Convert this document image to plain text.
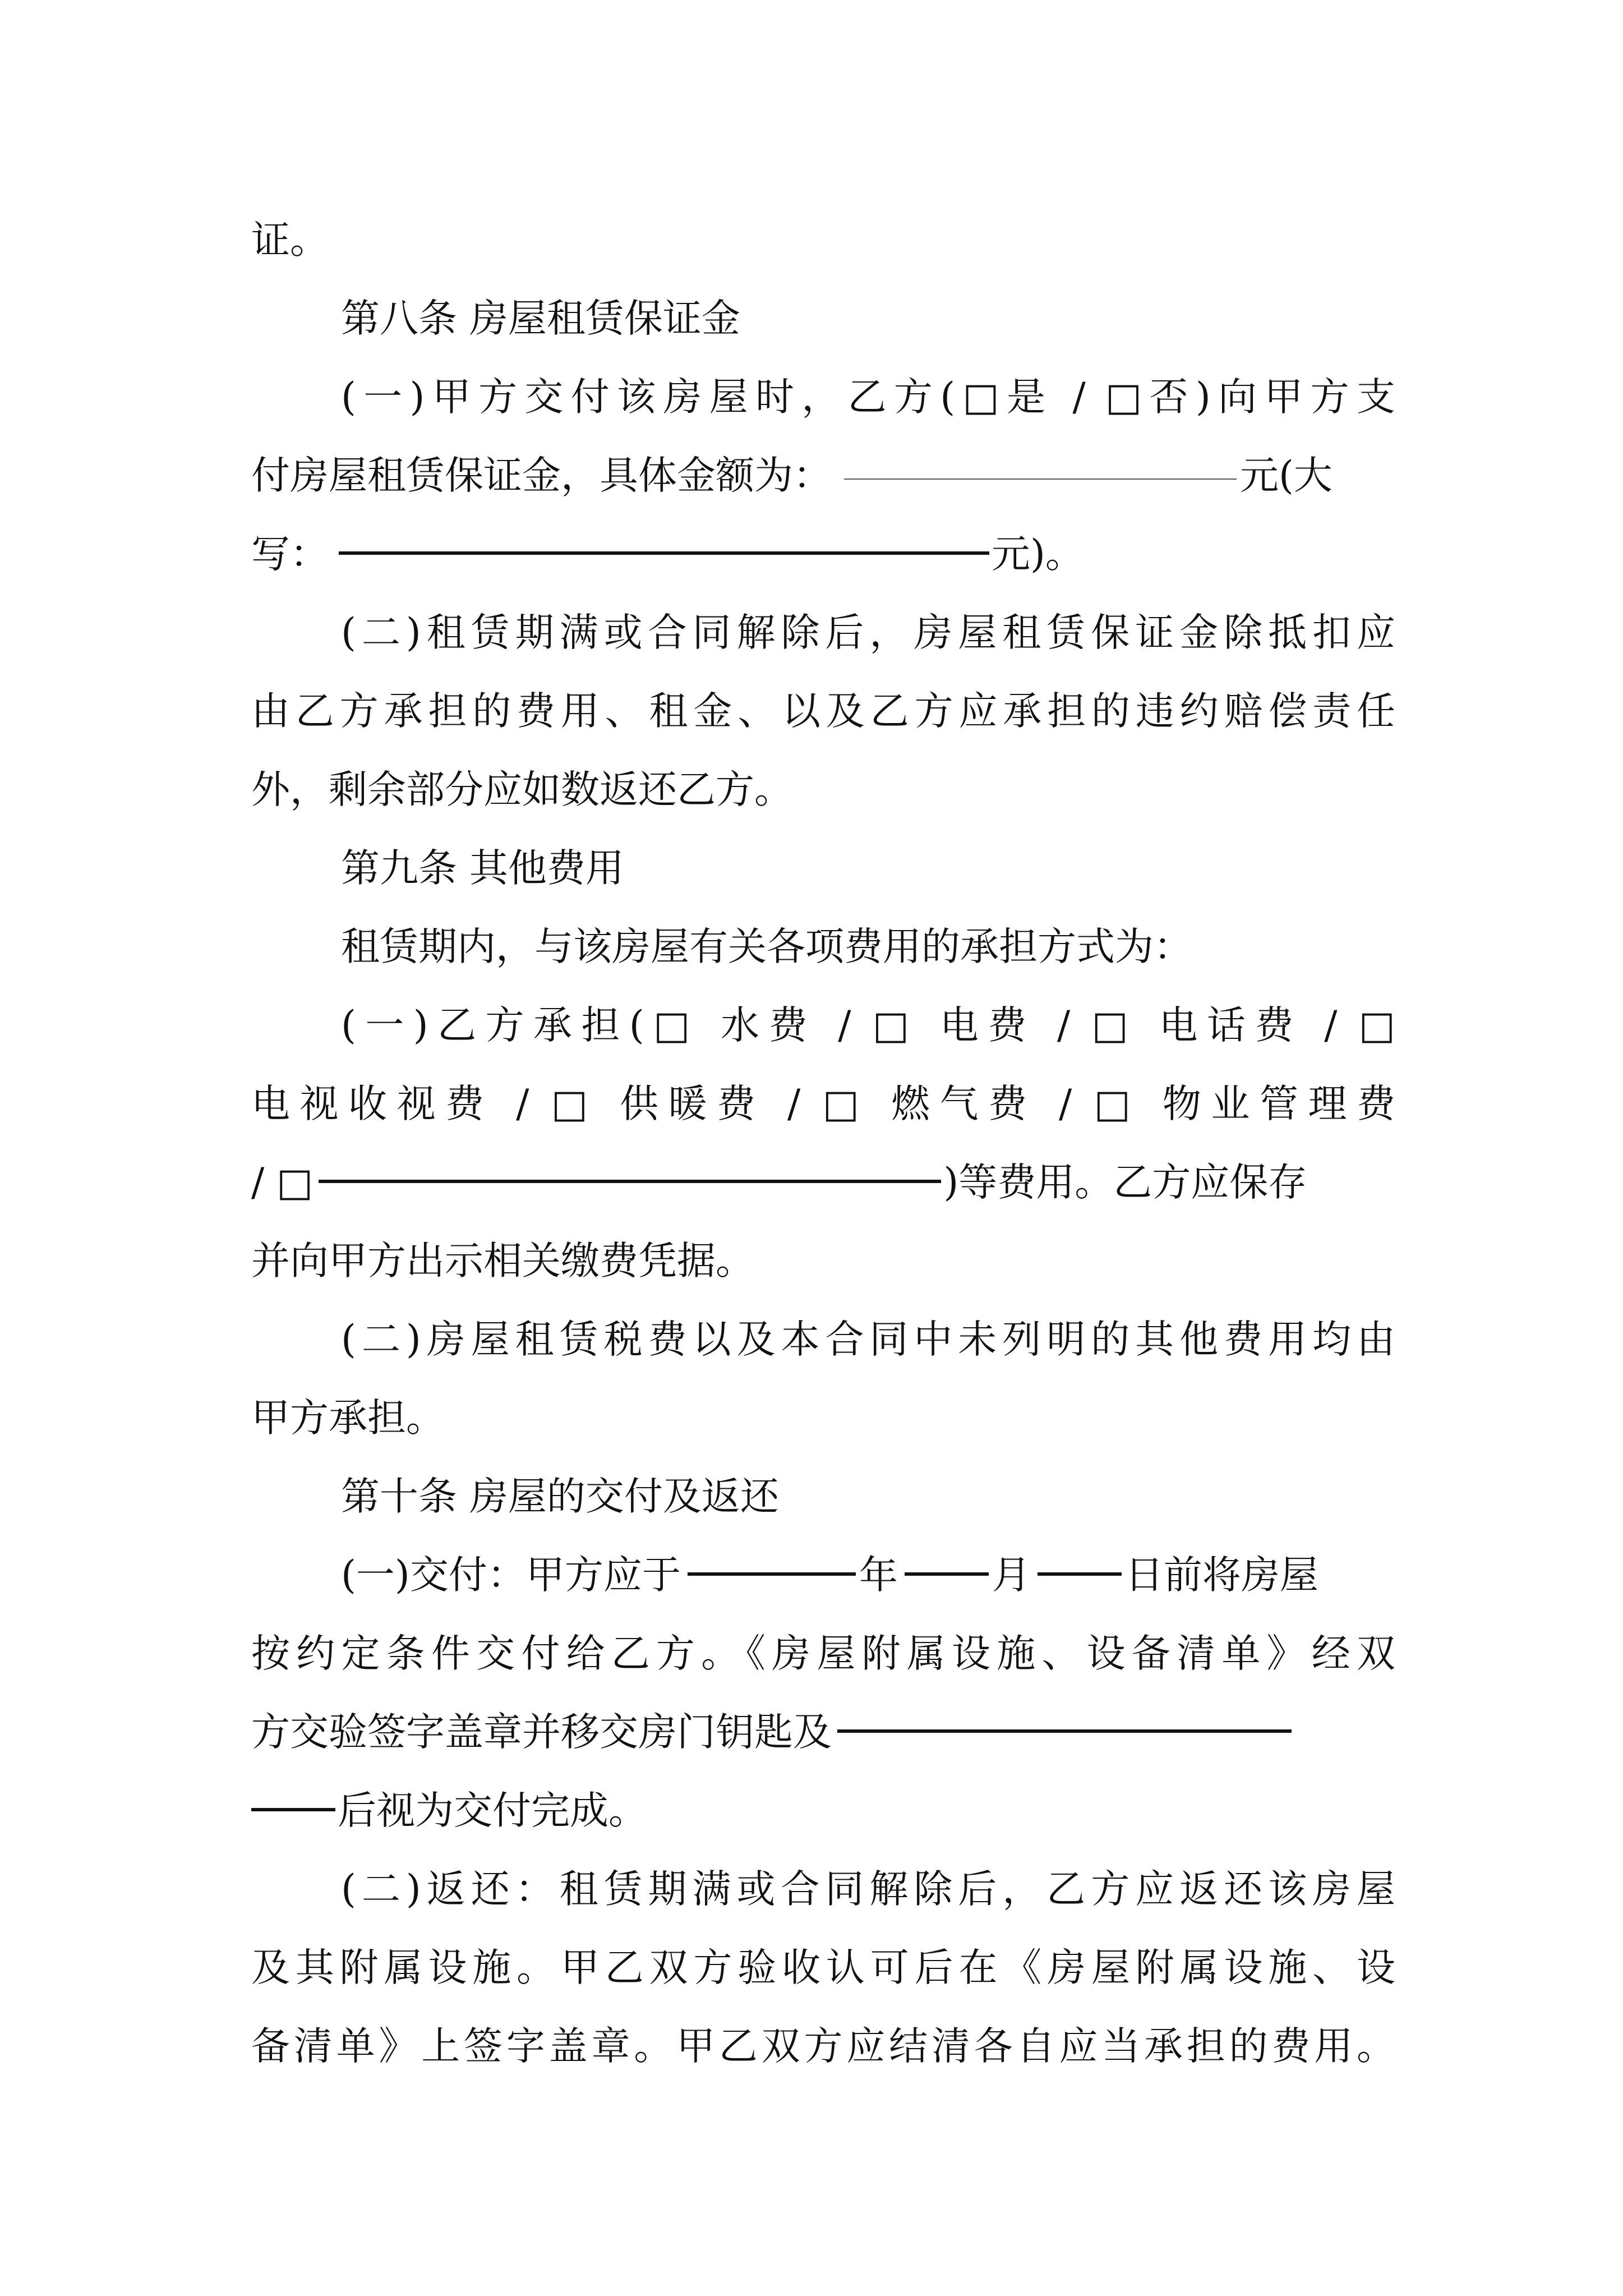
证。
第八条 房屋租赁保证金
(一)甲方交付该房屋时，乙方(□是 / □否)向甲方支
付房屋租赁保证金，具体金额为：	元(大
写：	元)。
(二)租赁期满或合同解除后，房屋租赁保证金除抵扣应
由乙方承担的费用、租金、以及乙方应承担的违约赔偿责任
外，剩余部分应如数返还乙方。
第九条 其他费用
租赁期内，与该房屋有关各项费用的承担方式为：
(一)乙方承担(□ 水费 / □ 电费 / □ 电话费 / □
电视收视费 / □ 供暖费 / □ 燃气费 / □ 物业管理费
/ □	)等费用。乙方应保存
并向甲方出示相关缴费凭据。
(二)房屋租赁税费以及本合同中未列明的其他费用均由
甲方承担。
第十条 房屋的交付及返还
(一)交付：甲方应于	年 月 日前将房屋
按约定条件交付给乙方。《房屋附属设施、设备清单》经双
方交验签字盖章并移交房门钥匙及
后视为交付完成。
(二)返还：租赁期满或合同解除后，乙方应返还该房屋
及其附属设施。甲乙双方验收认可后在《房屋附属设施、设
备清单》上签字盖章。甲乙双方应结清各自应当承担的费用。
